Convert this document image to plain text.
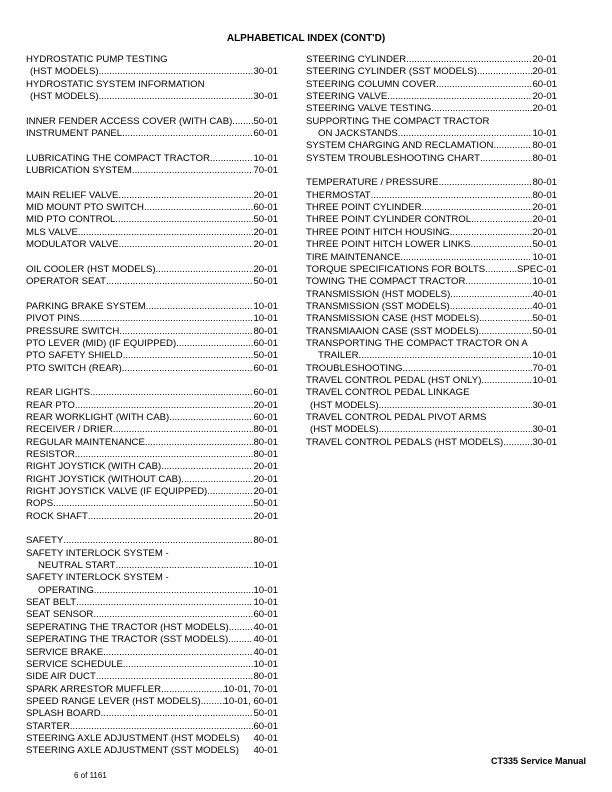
ALPHABETICAL INDEX (CONT'D)
HYDROSTATIC PUMP TESTING
(HST MODELS) .....	30-01
HYDROSTATIC SYSTEM INFORMATION
(HST MODELS) .....	30-01
INNER FENDER ACCESS COVER (WITH CAB) ..... 50-01
INSTRUMENT PANEL .....	60-01
LUBRICATING THE COMPACT TRACTOR .....	10-01
LUBRICATION SYSTEM .....	70-01
MAIN RELIEF VALVE .....	20-01
MID MOUNT PTO SWITCH .....	60-01
MID PTO CONTROL .....	50-01
MLS VALVE .....	20-01
MODULATOR VALVE .....	20-01
OIL COOLER (HST MODELS) .....	20-01
OPERATOR SEAT .....	50-01
PARKING BRAKE SYSTEM .....	10-01
PIVOT PINS .....	10-01
PRESSURE SWITCH .....	80-01
PTO LEVER (MID) (IF EQUIPPED) .....	60-01
PTO SAFETY SHIELD .....	50-01
PTO SWITCH (REAR) .....	60-01
REAR LIGHTS .....	60-01
REAR PTO .....	20-01
REAR WORKLIGHT (WITH CAB) .....	60-01
RECEIVER / DRIER .....	80-01
REGULAR MAINTENANCE .....	80-01
RESISTOR .....	80-01
RIGHT JOYSTICK (WITH CAB) .....	20-01
RIGHT JOYSTICK (WITHOUT CAB) .....	20-01
RIGHT JOYSTICK VALVE (IF EQUIPPED) .....	20-01
ROPS .....	50-01
ROCK SHAFT .....	20-01
SAFETY .....	80-01
SAFETY INTERLOCK SYSTEM -
NEUTRAL START .....	10-01
SAFETY INTERLOCK SYSTEM -
OPERATING .....	10-01
SEAT BELT .....	10-01
SEAT SENSOR .....	60-01
SEPERATING THE TRACTOR (HST MODELS) .....	40-01
SEPERATING THE TRACTOR (SST MODELS) .....	40-01
SERVICE BRAKE .....	40-01
SERVICE SCHEDULE .....	10-01
SIDE AIR DUCT .....	80-01
SPARK ARRESTOR MUFFLER .....	10-01, 70-01
SPEED RANGE LEVER (HST MODELS) ..... 10-01, 60-01
SPLASH BOARD .....	50-01
STARTER .....	60-01
STEERING AXLE ADJUSTMENT (HST MODELS) 40-01
STEERING AXLE ADJUSTMENT (SST MODELS) 40-01
STEERING CYLINDER .....	20-01
STEERING CYLINDER (SST MODELS) .....	20-01
STEERING COLUMN COVER .....	60-01
STEERING VALVE .....	20-01
STEERING VALVE TESTING .....	20-01
SUPPORTING THE COMPACT TRACTOR
ON JACKSTANDS .....	10-01
SYSTEM CHARGING AND RECLAMATION .....	80-01
SYSTEM TROUBLESHOOTING CHART .....	80-01
TEMPERATURE / PRESSURE .....	80-01
THERMOSTAT .....	80-01
THREE POINT CYLINDER .....	20-01
THREE POINT CYLINDER CONTROL .....	20-01
THREE POINT HITCH HOUSING .....	20-01
THREE POINT HITCH LOWER LINKS .....	50-01
TIRE MAINTENANCE .....	10-01
TORQUE SPECIFICATIONS FOR BOLTS .....	SPEC-01
TOWING THE COMPACT TRACTOR .....	10-01
TRANSMISSION (HST MODELS) .....	40-01
TRANSMISSION (SST MODELS) .....	40-01
TRANSMISSION CASE (HST MODELS) .....	50-01
TRANSMIAAION CASE (SST MODELS) .....	50-01
TRANSPORTING THE COMPACT TRACTOR ON A
TRAILER .....	10-01
TROUBLESHOOTING .....	70-01
TRAVEL CONTROL PEDAL (HST ONLY) .....	10-01
TRAVEL CONTROL PEDAL LINKAGE
(HST MODELS) .....	30-01
TRAVEL CONTROL PEDAL PIVOT ARMS
(HST MODELS) .....	30-01
TRAVEL CONTROL PEDALS (HST MODELS) .....	30-01

6 of 1161

CT335 Service Manual
